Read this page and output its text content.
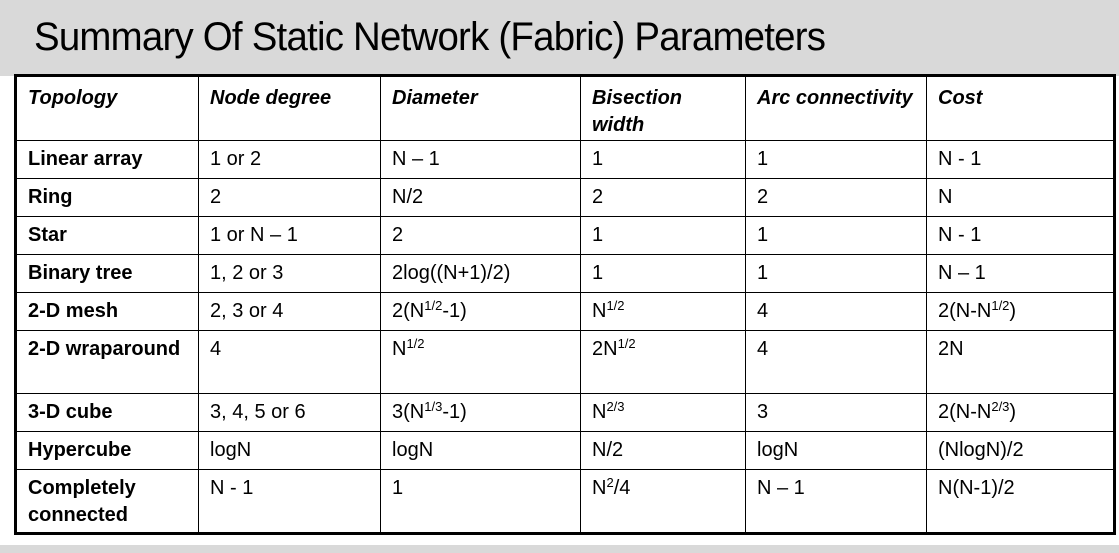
Summary Of Static Network (Fabric) Parameters
Topology	Node degree	Diameter	Bisection width	Arc connectivity	Cost
Linear array	1 or 2	N – 1	1	1	N - 1
Ring	2	N/2	2	2	N
Star	1 or N – 1	2	1	1	N - 1
Binary tree	1, 2 or 3	2log((N+1)/2)	1	1	N – 1
2-D mesh	2, 3 or 4	$2(N^{1/2}-1)$	$N^{1/2}$	4	$2(N-N^{1/2})$
2-D wraparound	4	$N^{1/2}$	$2N^{1/2}$	4	2N
3-D cube	3, 4, 5 or 6	$3(N^{1/3}-1)$	$N^{2/3}$	3	$2(N-N^{2/3})$
Hypercube	logN	logN	N/2	logN	(NlogN)/2
Completely connected	N - 1	1	$N^2/4$	N – 1	N(N-1)/2
